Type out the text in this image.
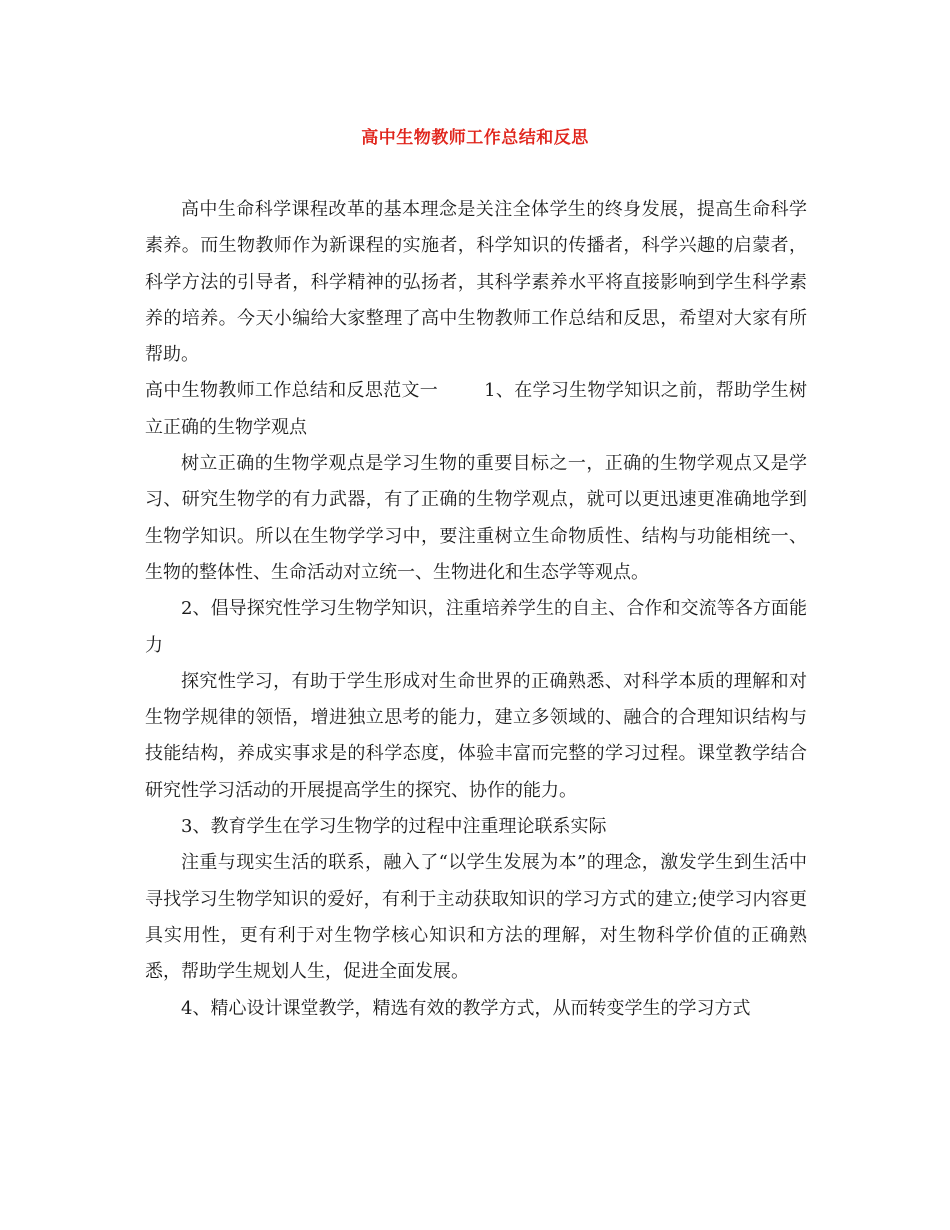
高中生物教师工作总结和反思

高中生命科学课程改革的基本理念是关注全体学生的终身发展，提高生命科学素养。而生物教师作为新课程的实施者，科学知识的传播者，科学兴趣的启蒙者，科学方法的引导者，科学精神的弘扬者，其科学素养水平将直接影响到学生科学素养的培养。今天小编给大家整理了高中生物教师工作总结和反思，希望对大家有所帮助。

高中生物教师工作总结和反思范文一	1、在学习生物学知识之前，帮助学生树立正确的生物学观点

树立正确的生物学观点是学习生物的重要目标之一，正确的生物学观点又是学习、研究生物学的有力武器，有了正确的生物学观点，就可以更迅速更准确地学到生物学知识。所以在生物学学习中，要注重树立生命物质性、结构与功能相统一、生物的整体性、生命活动对立统一、生物进化和生态学等观点。

2、倡导探究性学习生物学知识，注重培养学生的自主、合作和交流等各方面能力

探究性学习，有助于学生形成对生命世界的正确熟悉、对科学本质的理解和对生物学规律的领悟，增进独立思考的能力，建立多领域的、融合的合理知识结构与技能结构，养成实事求是的科学态度，体验丰富而完整的学习过程。课堂教学结合研究性学习活动的开展提高学生的探究、协作的能力。

3、教育学生在学习生物学的过程中注重理论联系实际

注重与现实生活的联系，融入了“以学生发展为本”的理念，激发学生到生活中寻找学习生物学知识的爱好，有利于主动获取知识的学习方式的建立;使学习内容更具实用性，更有利于对生物学核心知识和方法的理解，对生物科学价值的正确熟悉，帮助学生规划人生，促进全面发展。

4、精心设计课堂教学，精选有效的教学方式，从而转变学生的学习方式
